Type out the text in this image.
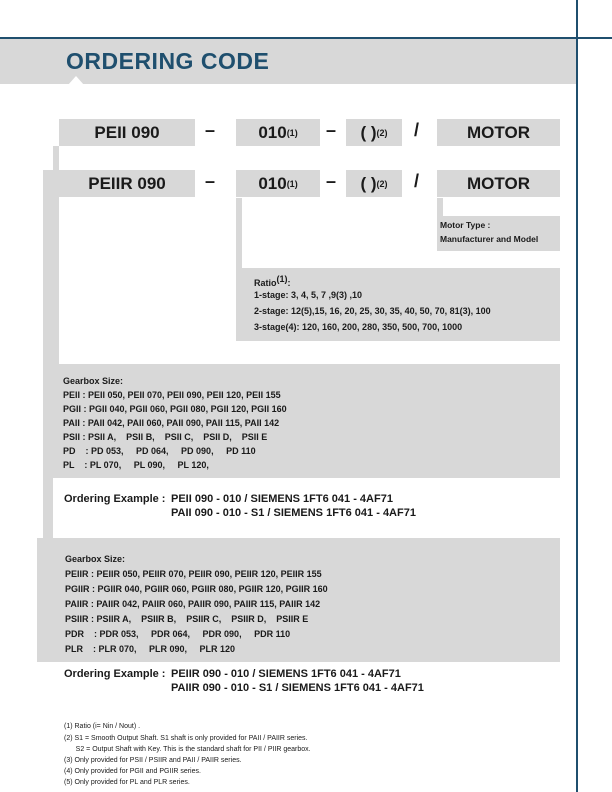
ORDERING CODE
PEII 090	–	010 (1) – ( ) (2) /	MOTOR
PEIIR 090 –	010 (1) – ( ) (2) /	MOTOR
Motor Type :
Manufacturer and Model
Ratio$^{(1)}$:
1-stage: 3, 4, 5, 7 ,9(3) ,10
2-stage: 12(5),15, 16, 20, 25, 30, 35, 40, 50, 70, 81(3), 100
3-stage(4): 120, 160, 200, 280, 350, 500, 700, 1000
Gearbox Size:
PEII : PEII 050, PEII 070, PEII 090, PEII 120, PEII 155
PGII : PGII 040, PGII 060, PGII 080, PGII 120, PGII 160
PAII : PAII 042, PAII 060, PAII 090, PAII 115, PAII 142
PSII : PSII A,    PSII B,    PSII C,    PSII D,    PSII E
PD    : PD 053,     PD 064,     PD 090,     PD 110
PL    : PL 070,     PL 090,     PL 120,
Ordering Example : PEII 090 - 010 / SIEMENS 1FT6 041 - 4AF71
PAII 090 - 010 - S1 / SIEMENS 1FT6 041 - 4AF71
Gearbox Size:
PEIIR : PEIIR 050, PEIIR 070, PEIIR 090, PEIIR 120, PEIIR 155
PGIIR : PGIIR 040, PGIIR 060, PGIIR 080, PGIIR 120, PGIIR 160
PAIIR : PAIIR 042, PAIIR 060, PAIIR 090, PAIIR 115, PAIIR 142
PSIIR : PSIIR A,    PSIIR B,    PSIIR C,    PSIIR D,    PSIIR E
PDR    : PDR 053,     PDR 064,     PDR 090,     PDR 110
PLR    : PLR 070,     PLR 090,     PLR 120
Ordering Example : PEIIR 090 - 010 / SIEMENS 1FT6 041 - 4AF71
PAIIR 090 - 010 - S1 / SIEMENS 1FT6 041 - 4AF71
(1) Ratio (i= Nin / Nout) .
(2) S1 = Smooth Output Shaft. S1 shaft is only provided for PAII / PAIIR series.
S2 = Output Shaft with Key. This is the standard shaft for PII / PIIR gearbox.
(3) Only provided for PSII / PSIIR and PAII / PAIIR series.
(4) Only provided for PGII and PGIIR series.
(5) Only provided for PL and PLR series.
